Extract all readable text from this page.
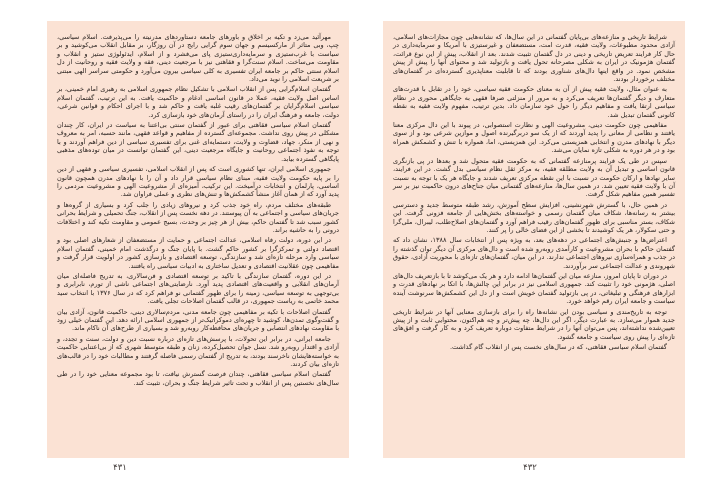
مهرآئید می‌زد و تکیه بر اخلاق و باورهای جامعه دستاوردهای مدرنیته را می‌پذیرفت. اسلام سیاسی، چپ، وبی متاثر از مارکسیسم و جهان سوم گرایی رایج در آن روزگار، بر مقابل انقلاب می‌کوشید و بر سیاست با غرب‌ستیزی و سرمایه‌داری‌ستیزی پای می‌فشرد و از اسلام، ایدئولوژی ستیز و انقلاب و مقاومت می‌ساخت. اسلام سنت‌گرا و فقاهتی نیز با مرجعیت دینی، فقه و ولایت فقیه و روحانیت از دل اسلام سنتی حاکم بر جامعه ایران تفسیری به کلی سیاسی بیرون می‌آورد و حکومتی سراسر الهی مبتنی بر شریعت اسلامی را نوید می‌داد.

گفتمان اسلام‌گرایی پس از انقلاب اسلامی با تشکیل نظام جمهوری اسلامی به رهبری امام خمینی، بر اساس اصل ولایت فقیه، عملا در قانون اساسی ادغام و حاکمیت یافت. به این ترتیب، گفتمان اسلام سیاسی اسلام‌گرایان بر گفتمان‌های رقیب غلبه یافت و حاکم شد و با اجرای احکام و قوانین شرعی، دولت، جامعه و فرهنگ ایران را در راستای آرمان‌های خود بازسازی کرد.

گفتمان اسلام سیاسی فقاهتی برای عبور از گفتمان سنتی بی‌اعتنا به سیاست در ایران، کار چندان مشکلی در پیش روی نداشت. مجموعه‌ای گسترده از مفاهیم و قواعد فقهی، مانند حسبه، امر به معروف و نهی از منکر، جهاد، قضاوت و ولایت، دستمایه‌ای غنی برای تفسیری سیاسی از دین فراهم آوردند و با توجه به نفوذ اجتماعی روحانیت و جایگاه مرجعیت دینی، این گفتمان توانست در میان توده‌های مذهبی پایگاهی گسترده بیابد.

جمهوری اسلامی ایران، تنها کشوری است که پس از انقلاب اسلامی، تفسیری سیاسی و فقهی از دین را بر پایه حکومت ولایت فقیه، مبنای نظام سیاسی قرار داد و آن را با نهادهای مدرن همچون قانون اساسی، پارلمان و انتخابات درآمیخت. این ترکیب، آمیزه‌ای از مشروعیت الهی و مشروعیت مردمی را پدید آورد که از همان آغاز منشأ کشمکش‌ها و تنش‌های نظری و عملی فراوان شد.

طبقه‌های مختلف مردم، راه خود جذب کرد و نیروهای زیادی را جلب کرد و بسیاری از گروه‌ها و جریان‌های سیاسی و اجتماعی به آن پیوستند. در دهه نخست پس از انقلاب، جنگ تحمیلی و شرایط بحرانی کشور سبب شد تا گفتمان حاکم، بیش از هر چیز بر وحدت، بسیج عمومی و مقاومت تکیه کند و اختلافات درونی را به حاشیه براند.

در این دوره، دولت رفاه اسلامی، عدالت اجتماعی و حمایت از مستضعفان از شعارهای اصلی بود و اقتصاد دولتی و تمرکزگرا بر کشور حاکم گشت. با پایان جنگ و درگذشت امام خمینی، گفتمان اسلام سیاسی وارد مرحله تازه‌ای شد و سازندگی، توسعه اقتصادی و بازسازی کشور در اولویت قرار گرفت و مفاهیمی چون عقلانیت اقتصادی و تعدیل ساختاری به ادبیات سیاسی راه یافتند.

در این دوره، گفتمان سازندگی با تاکید بر توسعه اقتصادی و فن‌سالاری، به تدریج فاصله‌ای میان آرمان‌های انقلابی و واقعیت‌های اقتصادی پدید آورد. نارضایتی‌های اجتماعی ناشی از تورم، نابرابری و بی‌توجهی به توسعه سیاسی، زمینه را برای ظهور گفتمانی نو فراهم کرد که در سال ۱۳۷۶ با انتخاب سید محمد خاتمی به ریاست جمهوری، در قالب گفتمان اصلاحات تجلی یافت.

گفتمان اصلاحات با تکیه بر مفاهیمی چون جامعه مدنی، مردم‌سالاری دینی، حاکمیت قانون، آزادی بیان و گفت‌وگوی تمدن‌ها، کوشید تا چهره‌ای دموکراتیک‌تر از جمهوری اسلامی ارائه دهد. این گفتمان خیلی زود با مقاومت نهادهای انتصابی و جریان‌های محافظه‌کار روبه‌رو شد و بسیاری از طرح‌های آن ناکام ماند.

جامعه ایرانی، در برابر این تحولات، با پرسش‌های تازه‌ای درباره نسبت دین و دولت، سنت و تجدد، و آزادی و اقتدار روبه‌رو شد. نسل جوان تحصیل‌کرده، زنان و طبقه متوسط شهری که از بی‌اعتنایی حاکمیت به خواسته‌هایشان ناخرسند بودند، به تدریج از گفتمان رسمی فاصله گرفتند و مطالبات خود را در قالب‌های تازه‌ای بیان کردند.

گفتمان اسلام سیاسی فقاهتی، چندان فرصت گسترش نیافت، تا بود مجموعه معنایی خود را در طی سال‌های نخستین پس از انقلاب و تحت تاثیر شرایط جنگ و بحران، تثبیت کند.

شرایط تاریخی و منازعه‌های بی‌پایان گفتمانی در این سال‌ها، که نشانه‌هایی چون مجازات‌های اسلامی، آزادی محدود مطبوعات، ولایت فقیه، قدرت امت، مستضعفان و غیرستیزی با آمریکا و سرمایه‌داری در حال کار فرایند تعریض تاریخی و دینی در دل گفتمان تثبیت شدند. بعد از انقلاب، پیش از این نوع قرائت، گفتمان هژمونیک در ایران به شکلی مصرحانه تحول یافت و بازتولید شد و محتوای آنها را پیش از پیش مشخص نمود. در واقع اینها دال‌های شناوری بودند که تا قابلیت معناپذیری گسترده‌ای در گفتمان‌های مختلف برخوردار بودند.

به عنوان مثال، ولایت فقیه پیش از آن به معنای حکومت فقیه سیاسی، خود را در تقابل با قدرت‌های متعارف و دیگر گفتمان‌ها تعریف می‌کرد و به مرور از منزلتی صرفا فقهی به جایگاهی محوری در نظام سیاسی ارتقا یافت و مفاهیم دیگر را حول خود سازمان داد. بدین ترتیب، مفهوم ولایت فقیه به نقطه کانونی گفتمان تبدیل شد.

مفاهیمی چون حکومت دینی، مشروعیت الهی و نظارت استصوابی، در پیوند با این دال مرکزی معنا یافتند و نظامی از معانی را پدید آوردند که از یک سو دربرگیرنده اصول و موازین شرعی بود و از سوی دیگر با نهادهای مدرن و انتخابی همزیستی می‌کرد. این همزیستی، اما، همواره با تنش و کشمکش همراه بود و در هر دوره به شکلی تازه نمایان می‌شد.

سپس در طی یک فرایند پرمنازعه گفتمانی که به حکومت فقیه متحول شد و بعدها در پی بازنگری قانون اساسی و تبدیل آن به ولایت مطلقه فقیه، به مرکز ثقل نظام سیاسی بدل گشت. در این فرایند، سایر نهادها و ارکان حکومت در نسبت با این نقطه مرکزی تعریف شدند و جایگاه هر یک با توجه به نسبت آن با ولایت فقیه تعیین شد. در همین سال‌ها، منازعه‌های گفتمانی میان جناح‌های درون حاکمیت نیز بر سر تفسیر همین مفاهیم شکل گرفت.

در همین حال، با گسترش شهرنشینی، افزایش سطح آموزش، رشد طبقه متوسط جدید و دسترسی بیشتر به رسانه‌ها، شکاف میان گفتمان رسمی و خواسته‌های بخش‌هایی از جامعه فزونی گرفت. این شکاف، بستر مناسبی برای ظهور گفتمان‌های رقیب فراهم آورد و گفتمان‌های اصلاح‌طلب، لیبرال، ملی‌گرا و حتی سکولار، هر یک کوشیدند تا بخشی از این فضای خالی را پر کنند.

اعتراض‌ها و جنبش‌های اجتماعی در دهه‌های بعد، به ویژه پس از انتخابات سال ۱۳۸۸، نشان داد که گفتمان حاکم با بحران مشروعیت و کارآمدی روبه‌رو شده است و دال‌های مرکزی آن دیگر توان گذشته را در جذب و همراه‌سازی نیروهای اجتماعی ندارند. در این میان، گفتمان‌های تازه‌ای با محوریت آزادی، حقوق شهروندی و عدالت اجتماعی سر برآوردند.

در دوران تا پایان امروز، منازعه میان این گفتمان‌ها ادامه دارد و هر یک می‌کوشد تا با بازتعریف دال‌های اصلی، هژمونی خود را تثبیت کند. جمهوری اسلامی نیز در برابر این چالش‌ها، با اتکا بر نهادهای قدرت و ابزارهای فرهنگی و تبلیغاتی، در پی بازتولید گفتمان خویش است و از دل این کشمکش‌ها سرنوشت آینده سیاست و جامعه ایران رقم خواهد خورد.

توجه به تاریخ‌مندی و سیاسی بودن این نشانه‌ها راه را برای بازسازی معنایی آنها در شرایط تاریخی جدید هموار می‌سازد. به عبارت دیگر، اگر این دال‌ها، چه پیش‌تر و چه هم‌اکنون، محتوایی ثابت و از پیش تعیین‌شده نداشته‌اند، پس می‌توان آنها را در شرایط متفاوت دوباره تعریف کرد و به کار گرفت و افق‌های تازه‌ای را پیش روی سیاست و جامعه گشود.

گفتمان اسلام سیاسی فقاهتی، که در سال‌های نخست پس از انقلاب گام گذاشت.

۴۳۱	۴۳۲
